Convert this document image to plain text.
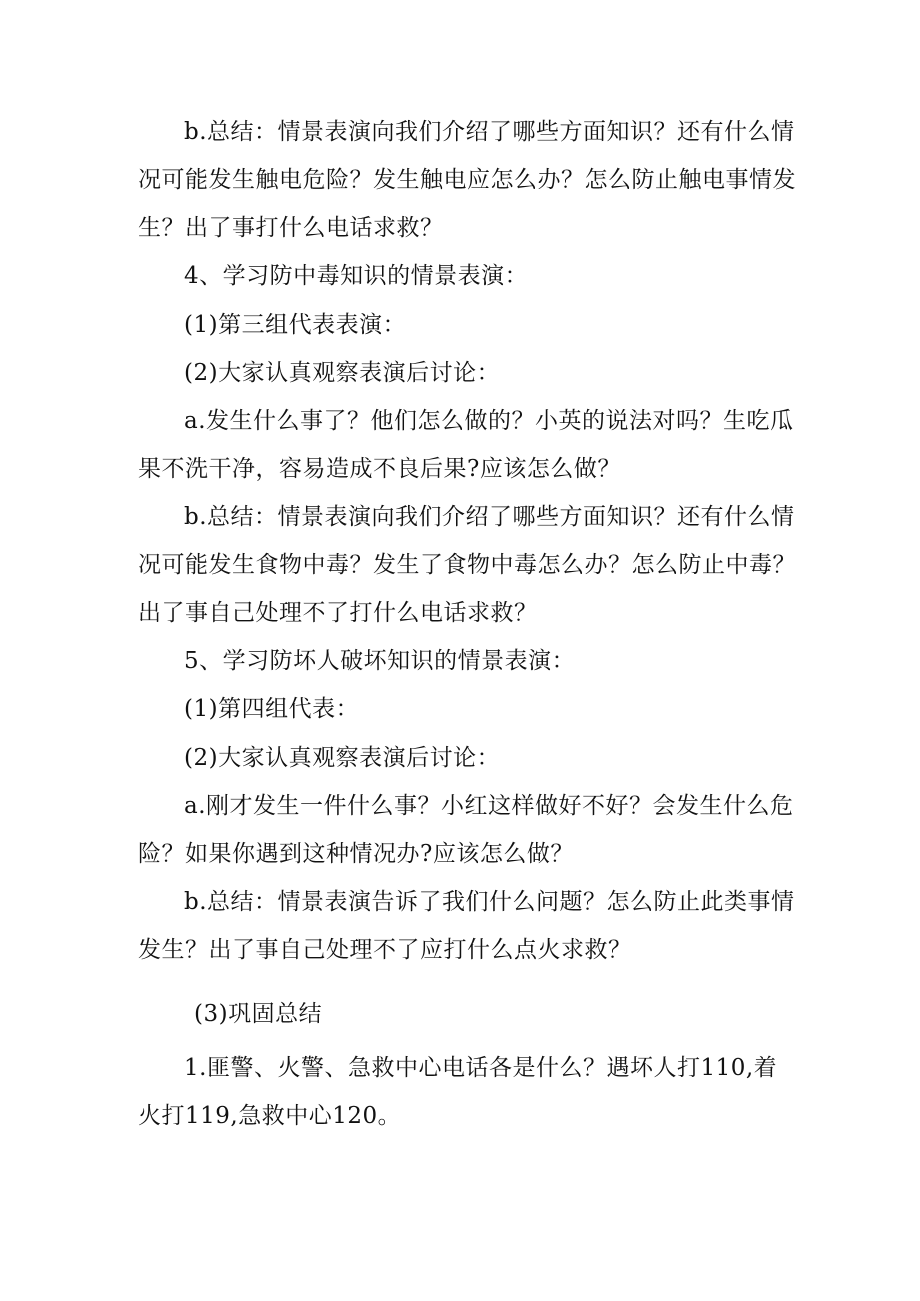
b.总结：情景表演向我们介绍了哪些方面知识？还有什么情况可能发生触电危险？发生触电应怎么办？怎么防止触电事情发生？出了事打什么电话求救？

4、学习防中毒知识的情景表演：

(1)第三组代表表演：

(2)大家认真观察表演后讨论：

a.发生什么事了？他们怎么做的？小英的说法对吗？生吃瓜果不洗干净，容易造成不良后果?应该怎么做？

b.总结：情景表演向我们介绍了哪些方面知识？还有什么情况可能发生食物中毒？发生了食物中毒怎么办？怎么防止中毒？出了事自己处理不了打什么电话求救？

5、学习防坏人破坏知识的情景表演：

(1)第四组代表：

(2)大家认真观察表演后讨论：

a.刚才发生一件什么事？小红这样做好不好？会发生什么危险？如果你遇到这种情况办?应该怎么做？

b.总结：情景表演告诉了我们什么问题？怎么防止此类事情发生？出了事自己处理不了应打什么点火求救？

(3)巩固总结

1.匪警、火警、急救中心电话各是什么？遇坏人打110,着火打119,急救中心120。
